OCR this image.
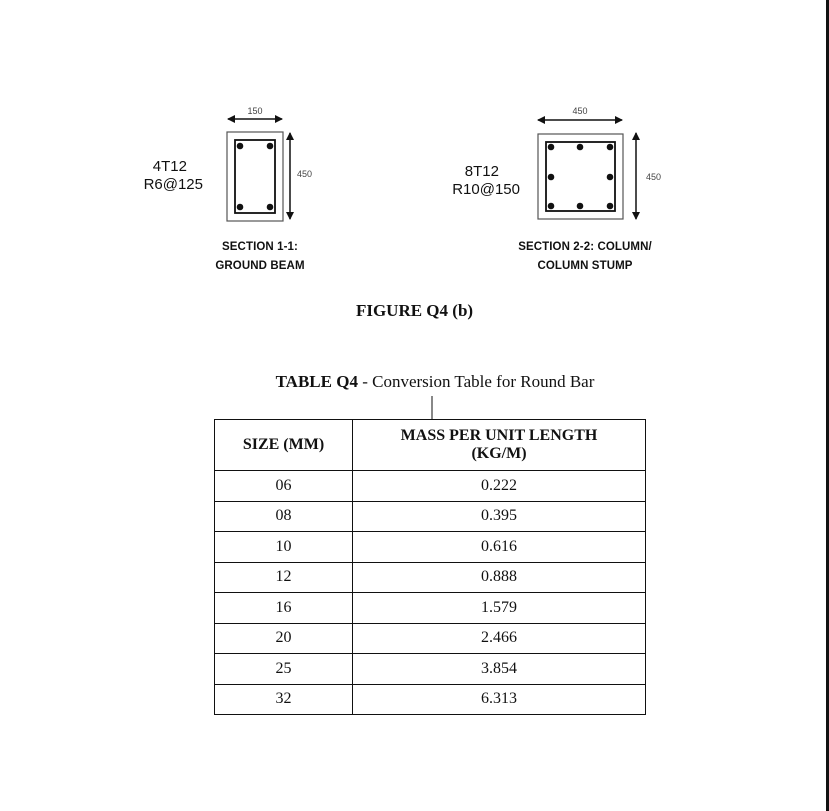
150
450
450
450
4T12
R6@125
SECTION 1-1:
GROUND BEAM
8T12
R10@150
SECTION 2-2: COLUMN/
COLUMN STUMP
FIGURE Q4 (b)
TABLE Q4 - Conversion Table for Round Bar
SIZE (MM)	MASS PER UNIT LENGTH
(KG/M)

06	0.222
08	0.395
10	0.616
12	0.888
16	1.579
20	2.466
25	3.854
32	6.313
